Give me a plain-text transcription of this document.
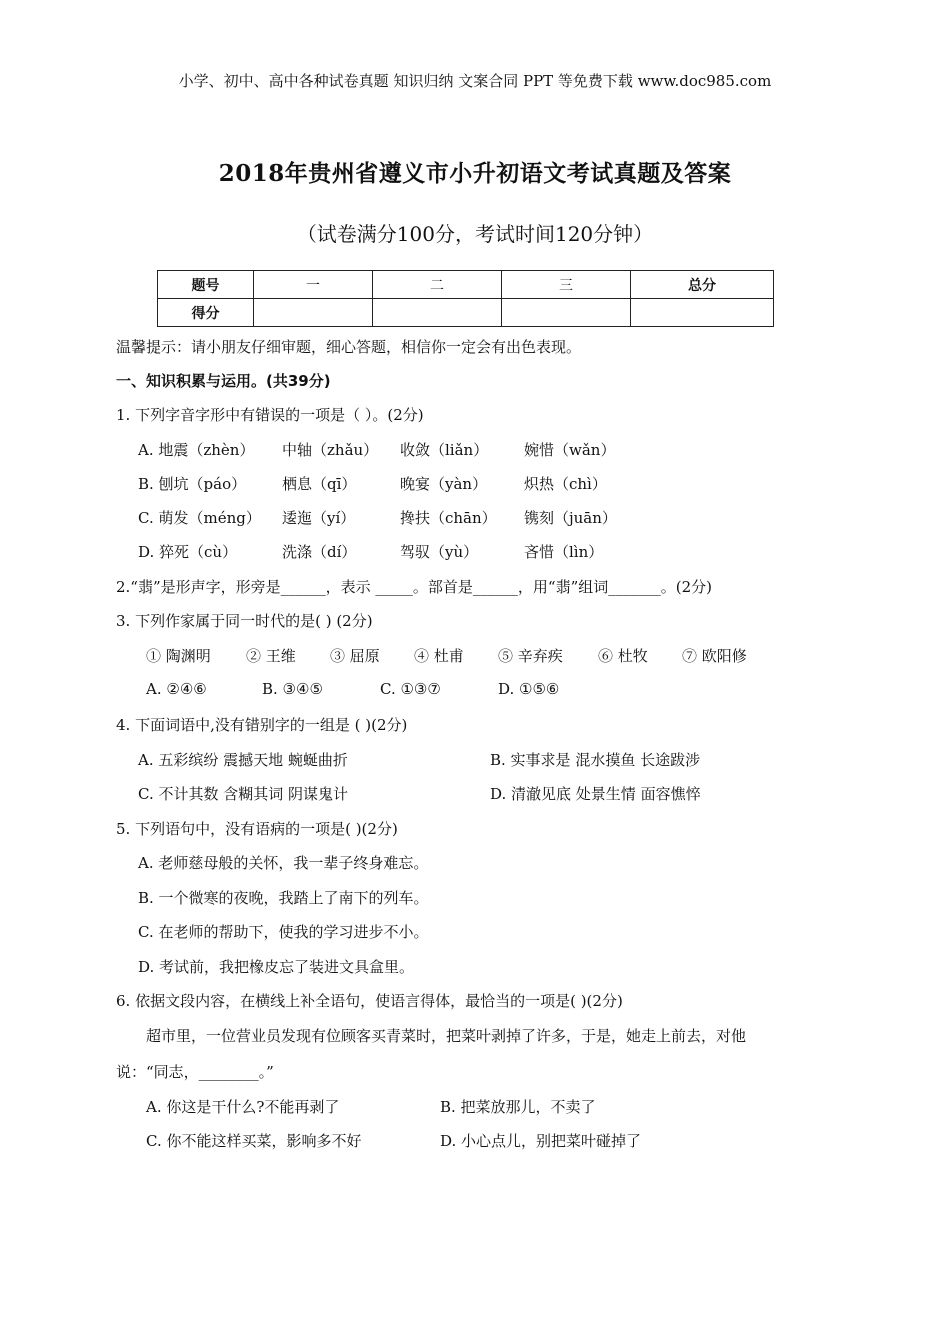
小学、初中、高中各种试卷真题 知识归纳 文案合同 PPT 等免费下载 www.doc985.com
2018年贵州省遵义市小升初语文考试真题及答案
（试卷满分100分，考试时间120分钟）
题号	一	二	三	总分
得分				
温馨提示：请小朋友仔细审题，细心答题，相信你一定会有出色表现。
一、知识积累与运用。(共39分)
1. 下列字音字形中有错误的一项是（ ）。(2分)
A. 地震（zhèn） 中轴（zhǎu） 收敛（liǎn） 婉惜（wǎn）
B. 刨坑（páo） 栖息（qī）	晚宴（yàn） 炽热（chì）
C. 萌发（méng） 逶迤（yí）	搀扶（chān） 镌刻（juān）
D. 猝死（cù）	洗涤（dí）	驾驭（yù）	吝惜（lìn）
2.“翡”是形声字，形旁是______，表示 _____。部首是______，用“翡”组词_______。(2分)
3. 下列作家属于同一时代的是( ) (2分)
① 陶渊明 ② 王维 ③ 屈原 ④ 杜甫 ⑤ 辛弃疾 ⑥ 杜牧 ⑦ 欧阳修
A. ②④⑥	B. ③④⑤	C. ①③⑦	D. ①⑤⑥
4. 下面词语中,没有错别字的一组是 ( )(2分)
A. 五彩缤纷 震撼天地 蜿蜒曲折	B. 实事求是 混水摸鱼 长途跋涉
C. 不计其数 含糊其词 阴谋鬼计	D. 清澈见底 处景生情 面容憔悴
5. 下列语句中，没有语病的一项是( )(2分)
A. 老师慈母般的关怀，我一辈子终身难忘。
B. 一个微寒的夜晚，我踏上了南下的列车。
C. 在老师的帮助下，使我的学习进步不小。
D. 考试前，我把橡皮忘了装进文具盒里。
6. 依据文段内容，在横线上补全语句，使语言得体，最恰当的一项是( )(2分)
超市里，一位营业员发现有位顾客买青菜时，把菜叶剥掉了许多，于是，她走上前去，对他
说：“同志，________。”
A. 你这是干什么?不能再剥了	B. 把菜放那儿，不卖了
C. 你不能这样买菜，影响多不好	D. 小心点儿，别把菜叶碰掉了
